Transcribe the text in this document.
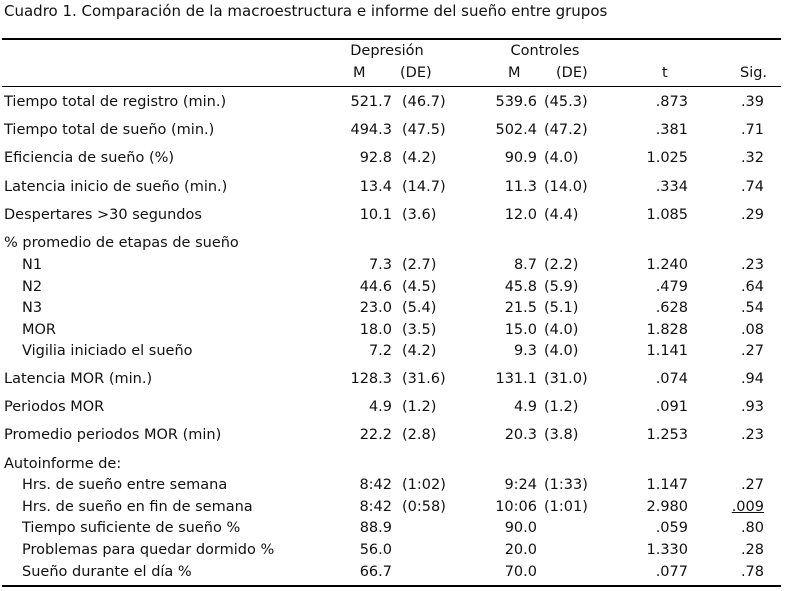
Cuadro 1. Comparación de la macroestructura e informe del sueño entre grupos
Depresión	Controles
M (DE)	M (DE)	t	Sig.
Tiempo total de registro (min.)	521.7 (46.7)	539.6 (45.3)	.873	.39
Tiempo total de sueño (min.)	494.3 (47.5)	502.4 (47.2)	.381	.71
Eficiencia de sueño (%)	92.8 (4.2)	90.9 (4.0)	1.025	.32
Latencia inicio de sueño (min.)	13.4 (14.7)	11.3 (14.0)	.334	.74
Despertares >30 segundos	10.1 (3.6)	12.0 (4.4)	1.085	.29
% promedio de etapas de sueño
N1	7.3 (2.7)	8.7 (2.2)	1.240	.23
N2	44.6 (4.5)	45.8 (5.9)	.479	.64
N3	23.0 (5.4)	21.5 (5.1)	.628	.54
MOR	18.0 (3.5)	15.0 (4.0)	1.828	.08
Vigilia iniciado el sueño	7.2 (4.2)	9.3 (4.0)	1.141	.27
Latencia MOR (min.)	128.3 (31.6)	131.1 (31.0)	.074	.94
Periodos MOR	4.9 (1.2)	4.9 (1.2)	.091	.93
Promedio periodos MOR (min)	22.2 (2.8)	20.3 (3.8)	1.253	.23
Autoinforme de:
Hrs. de sueño entre semana	8:42 (1:02)	9:24 (1:33)	1.147	.27
Hrs. de sueño en fin de semana	8:42 (0:58)	10:06 (1:01)	2.980	.009
Tiempo suficiente de sueño %	88.9	90.0	.059	.80
Problemas para quedar dormido %	56.0	20.0	1.330	.28
Sueño durante el día %	66.7	70.0	.077	.78
